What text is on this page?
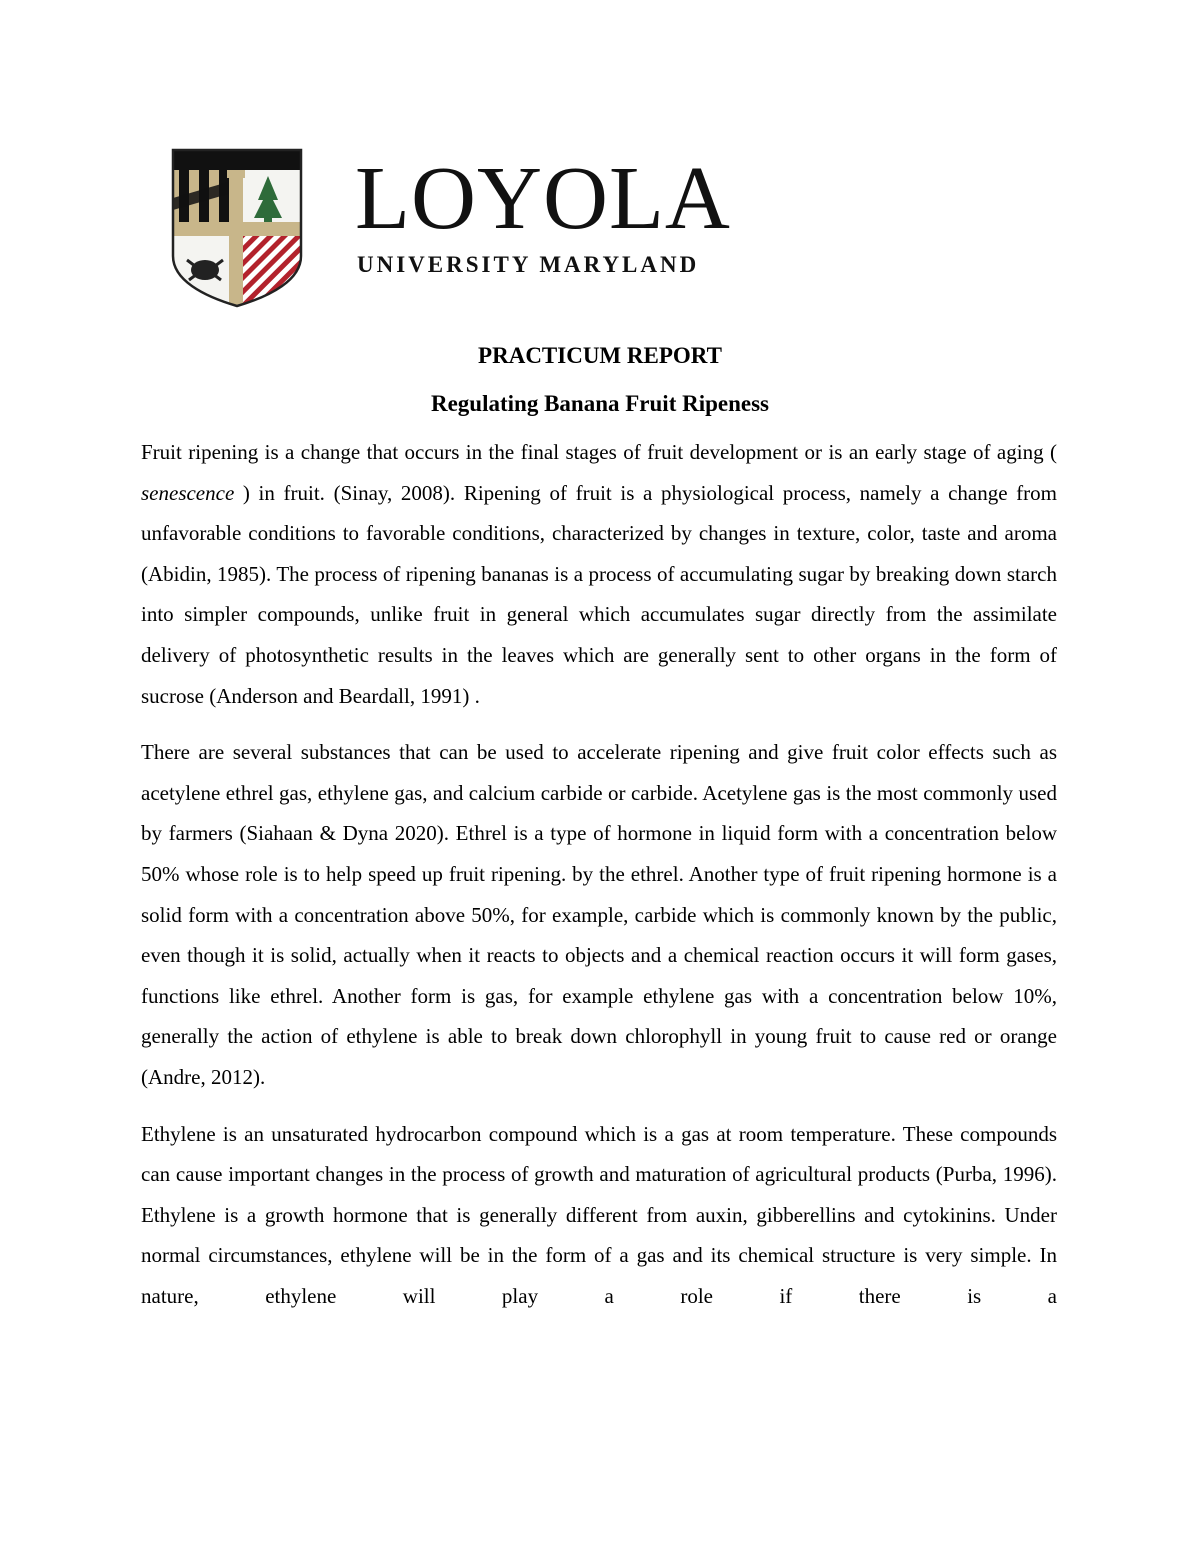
LOYOLA
UNIVERSITY MARYLAND
PRACTICUM REPORT
Regulating Banana Fruit Ripeness

Fruit ripening is a change that occurs in the final stages of fruit development or is an early stage of aging ( senescence ) in fruit. (Sinay, 2008). Ripening of fruit is a physiological process, namely a change from unfavorable conditions to favorable conditions, characterized by changes in texture, color, taste and aroma (Abidin, 1985). The process of ripening bananas is a process of accumulating sugar by breaking down starch into simpler compounds, unlike fruit in general which accumulates sugar directly from the assimilate delivery of photosynthetic results in the leaves which are generally sent to other organs in the form of sucrose (Anderson and Beardall, 1991) .

There are several substances that can be used to accelerate ripening and give fruit color effects such as acetylene ethrel gas, ethylene gas, and calcium carbide or carbide. Acetylene gas is the most commonly used by farmers (Siahaan & Dyna 2020). Ethrel is a type of hormone in liquid form with a concentration below 50% whose role is to help speed up fruit ripening. by the ethrel. Another type of fruit ripening hormone is a solid form with a concentration above 50%, for example, carbide which is commonly known by the public, even though it is solid, actually when it reacts to objects and a chemical reaction occurs it will form gases, functions like ethrel. Another form is gas, for example ethylene gas with a concentration below 10%, generally the action of ethylene is able to break down chlorophyll in young fruit to cause red or orange (Andre, 2012).

Ethylene is an unsaturated hydrocarbon compound which is a gas at room temperature. These compounds can cause important changes in the process of growth and maturation of agricultural products (Purba, 1996). Ethylene is a growth hormone that is generally different from auxin, gibberellins and cytokinins. Under normal circumstances, ethylene will be in the form of a gas and its chemical structure is very simple. In nature, ethylene will play a role if there is a
